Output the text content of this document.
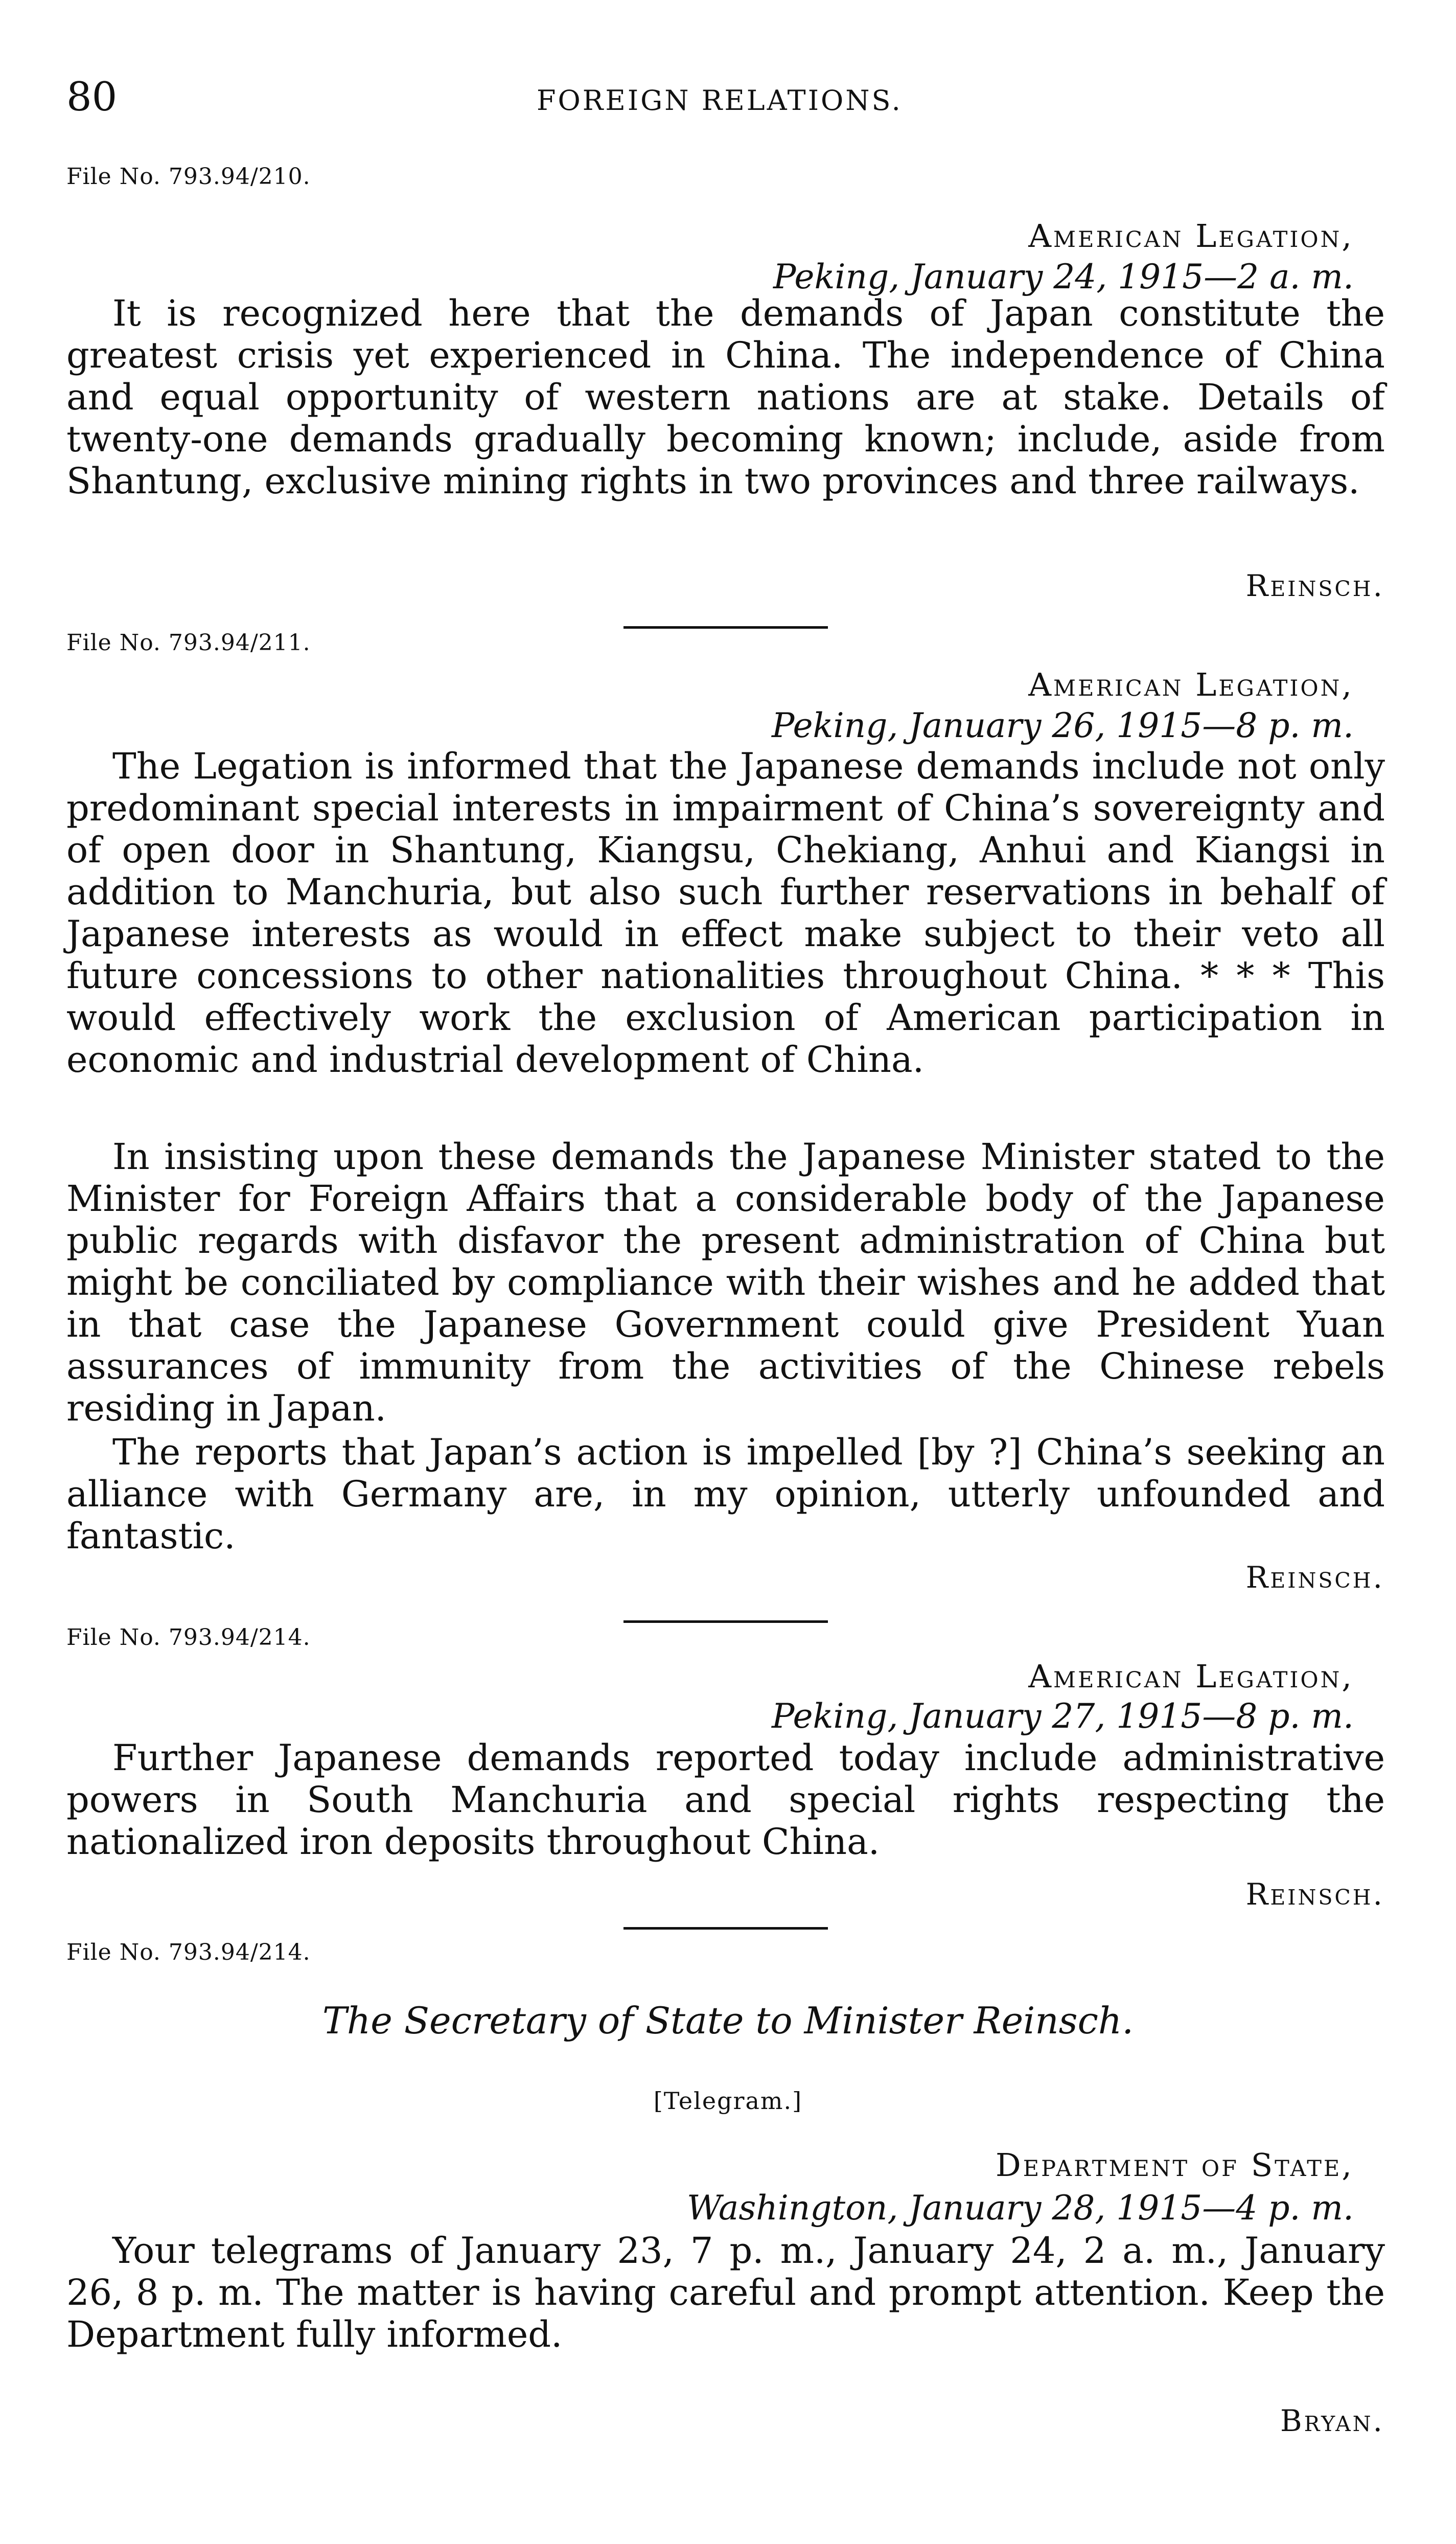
80	FOREIGN RELATIONS.
File No. 793.94/210.
American Legation,
Peking, January 24, 1915—2 a. m.

It is recognized here that the demands of Japan constitute the greatest crisis yet experienced in China. The independence of China and equal opportunity of western nations are at stake. Details of twenty-one demands gradually becoming known; include, aside from Shantung, exclusive mining rights in two provinces and three railways.

Reinsch.
File No. 793.94/211.
American Legation,
Peking, January 26, 1915—8 p. m.

The Legation is informed that the Japanese demands include not only predominant special interests in impairment of China’s sovereignty and of open door in Shantung, Kiangsu, Chekiang, Anhui and Kiangsi in addition to Manchuria, but also such further reservations in behalf of Japanese interests as would in effect make subject to their veto all future concessions to other nationalities throughout China. * * * This would effectively work the exclusion of American participation in economic and industrial development of China.

In insisting upon these demands the Japanese Minister stated to the Minister for Foreign Affairs that a considerable body of the Japanese public regards with disfavor the present administration of China but might be conciliated by compliance with their wishes and he added that in that case the Japanese Government could give President Yuan assurances of immunity from the activities of the Chinese rebels residing in Japan.

The reports that Japan’s action is impelled [by ?] China’s seeking an alliance with Germany are, in my opinion, utterly unfounded and fantastic.

Reinsch.
File No. 793.94/214.
American Legation,
Peking, January 27, 1915—8 p. m.

Further Japanese demands reported today include administrative powers in South Manchuria and special rights respecting the nationalized iron deposits throughout China.

Reinsch.
File No. 793.94/214.
The Secretary of State to Minister Reinsch.
[Telegram.]
Department of State,
Washington, January 28, 1915—4 p. m.

Your telegrams of January 23, 7 p. m., January 24, 2 a. m., January 26, 8 p. m. The matter is having careful and prompt attention. Keep the Department fully informed.

Bryan.
